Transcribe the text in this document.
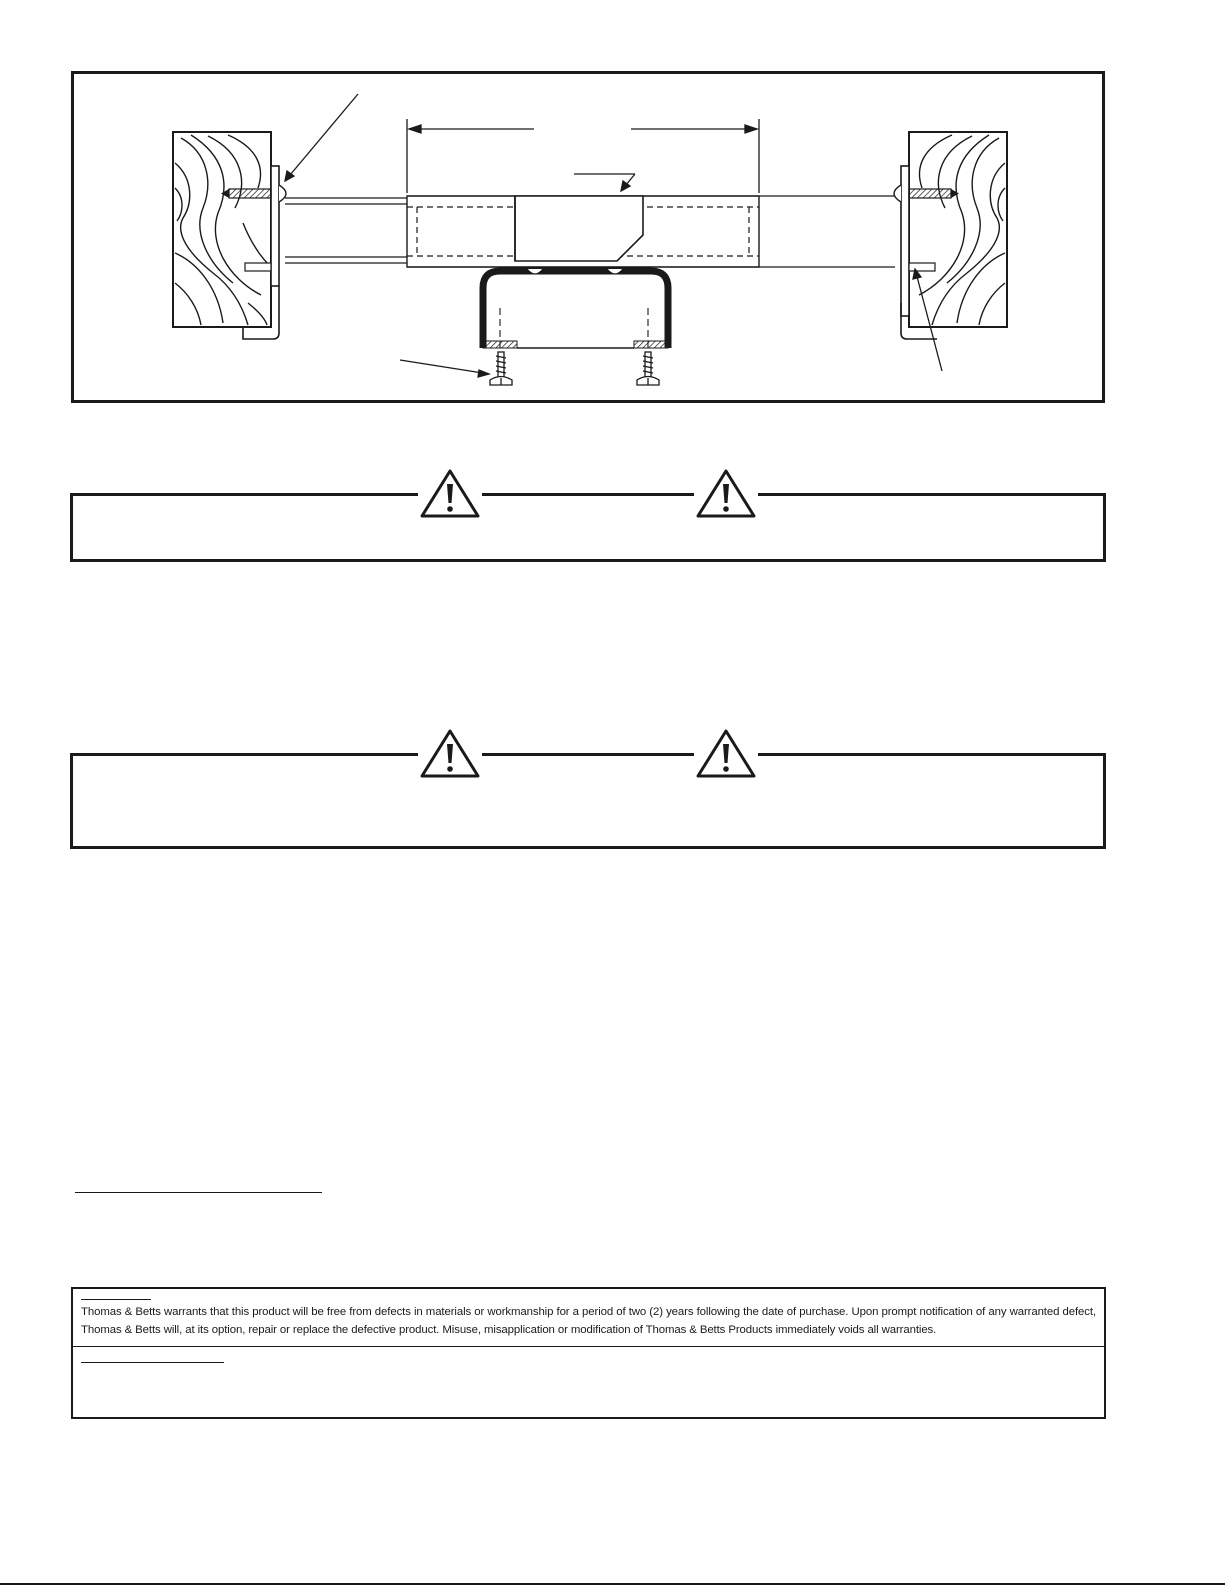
Thomas & Betts warrants that this product will be free from defects in materials or workmanship for a period of two (2) years following the date of purchase. Upon prompt notification of any warranted defect, Thomas & Betts will, at its option, repair or replace the defective product. Misuse, misapplication or modification of Thomas & Betts Products immediately voids all warranties.
